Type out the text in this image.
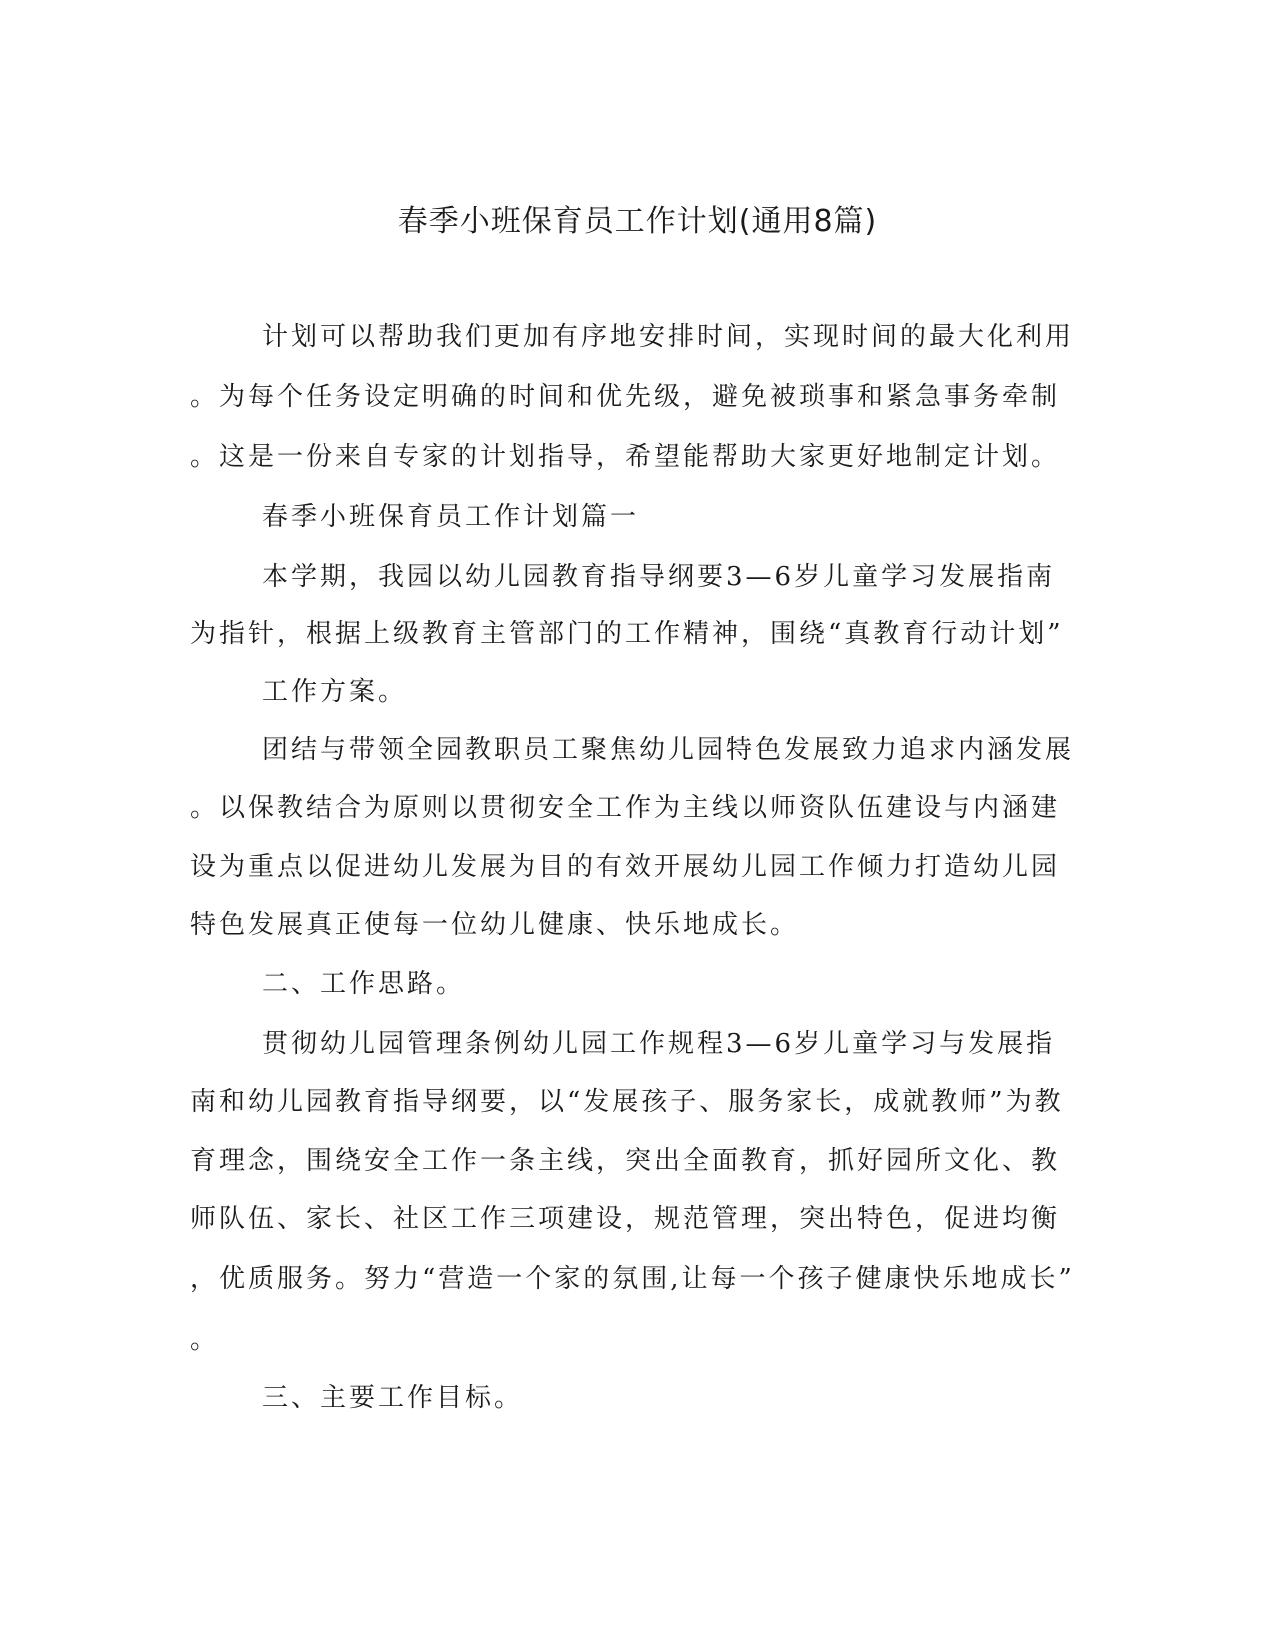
春季小班保育员工作计划(通用8篇)
计划可以帮助我们更加有序地安排时间，实现时间的最大化利用
。为每个任务设定明确的时间和优先级，避免被琐事和紧急事务牵制
。这是一份来自专家的计划指导，希望能帮助大家更好地制定计划。
春季小班保育员工作计划篇一
本学期，我园以幼儿园教育指导纲要3—6岁儿童学习发展指南
为指针，根据上级教育主管部门的工作精神，围绕“真教育行动计划”
工作方案。
团结与带领全园教职员工聚焦幼儿园特色发展致力追求内涵发展
。以保教结合为原则以贯彻安全工作为主线以师资队伍建设与内涵建
设为重点以促进幼儿发展为目的有效开展幼儿园工作倾力打造幼儿园
特色发展真正使每一位幼儿健康、快乐地成长。
二、工作思路。
贯彻幼儿园管理条例幼儿园工作规程3—6岁儿童学习与发展指
南和幼儿园教育指导纲要，以“发展孩子、服务家长，成就教师”为教
育理念，围绕安全工作一条主线，突出全面教育，抓好园所文化、教
师队伍、家长、社区工作三项建设，规范管理，突出特色，促进均衡
，优质服务。努力“营造一个家的氛围,让每一个孩子健康快乐地成长”
。
三、主要工作目标。
